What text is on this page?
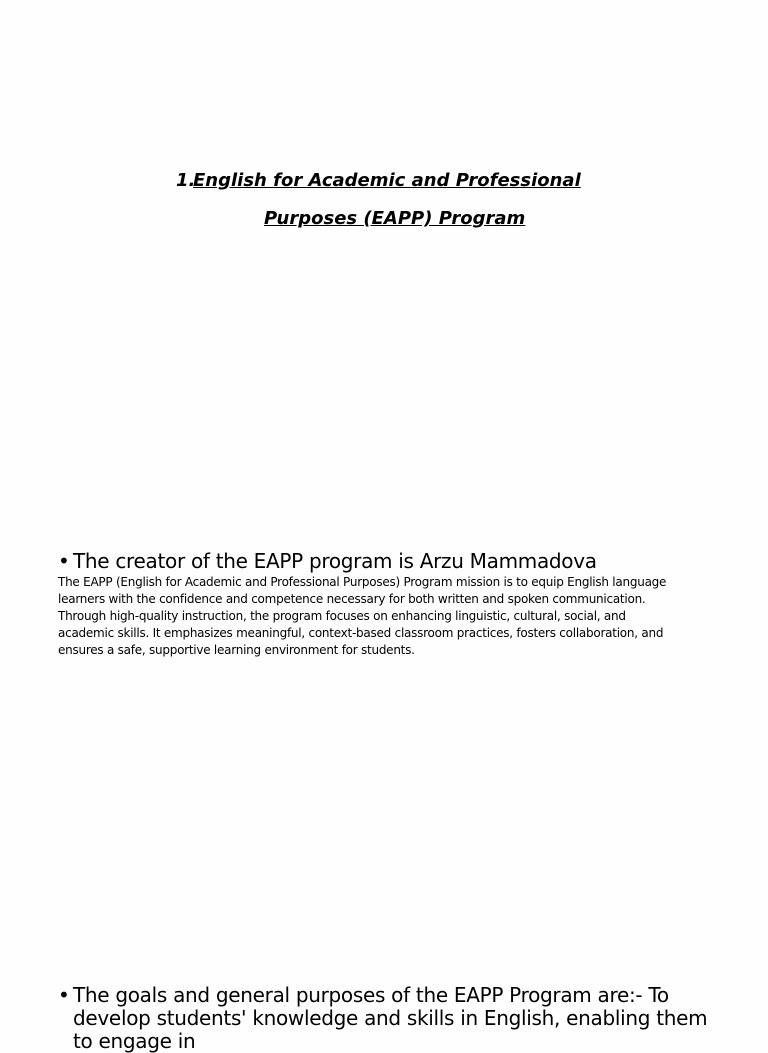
1.
English for Academic and Professional
Purposes (EAPP) Program
• The creator of the EAPP program is Arzu Mammadova
The EAPP (English for Academic and Professional Purposes) Program mission is to equip English language learners with the confidence and competence necessary for both written and spoken communication. Through high-quality instruction, the program focuses on enhancing linguistic, cultural, social, and academic skills. It emphasizes meaningful, context-based classroom practices, fosters collaboration, and ensures a safe, supportive learning environment for students.
• The goals and general purposes of the EAPP Program are:- To develop students' knowledge and skills in English, enabling them to engage in
